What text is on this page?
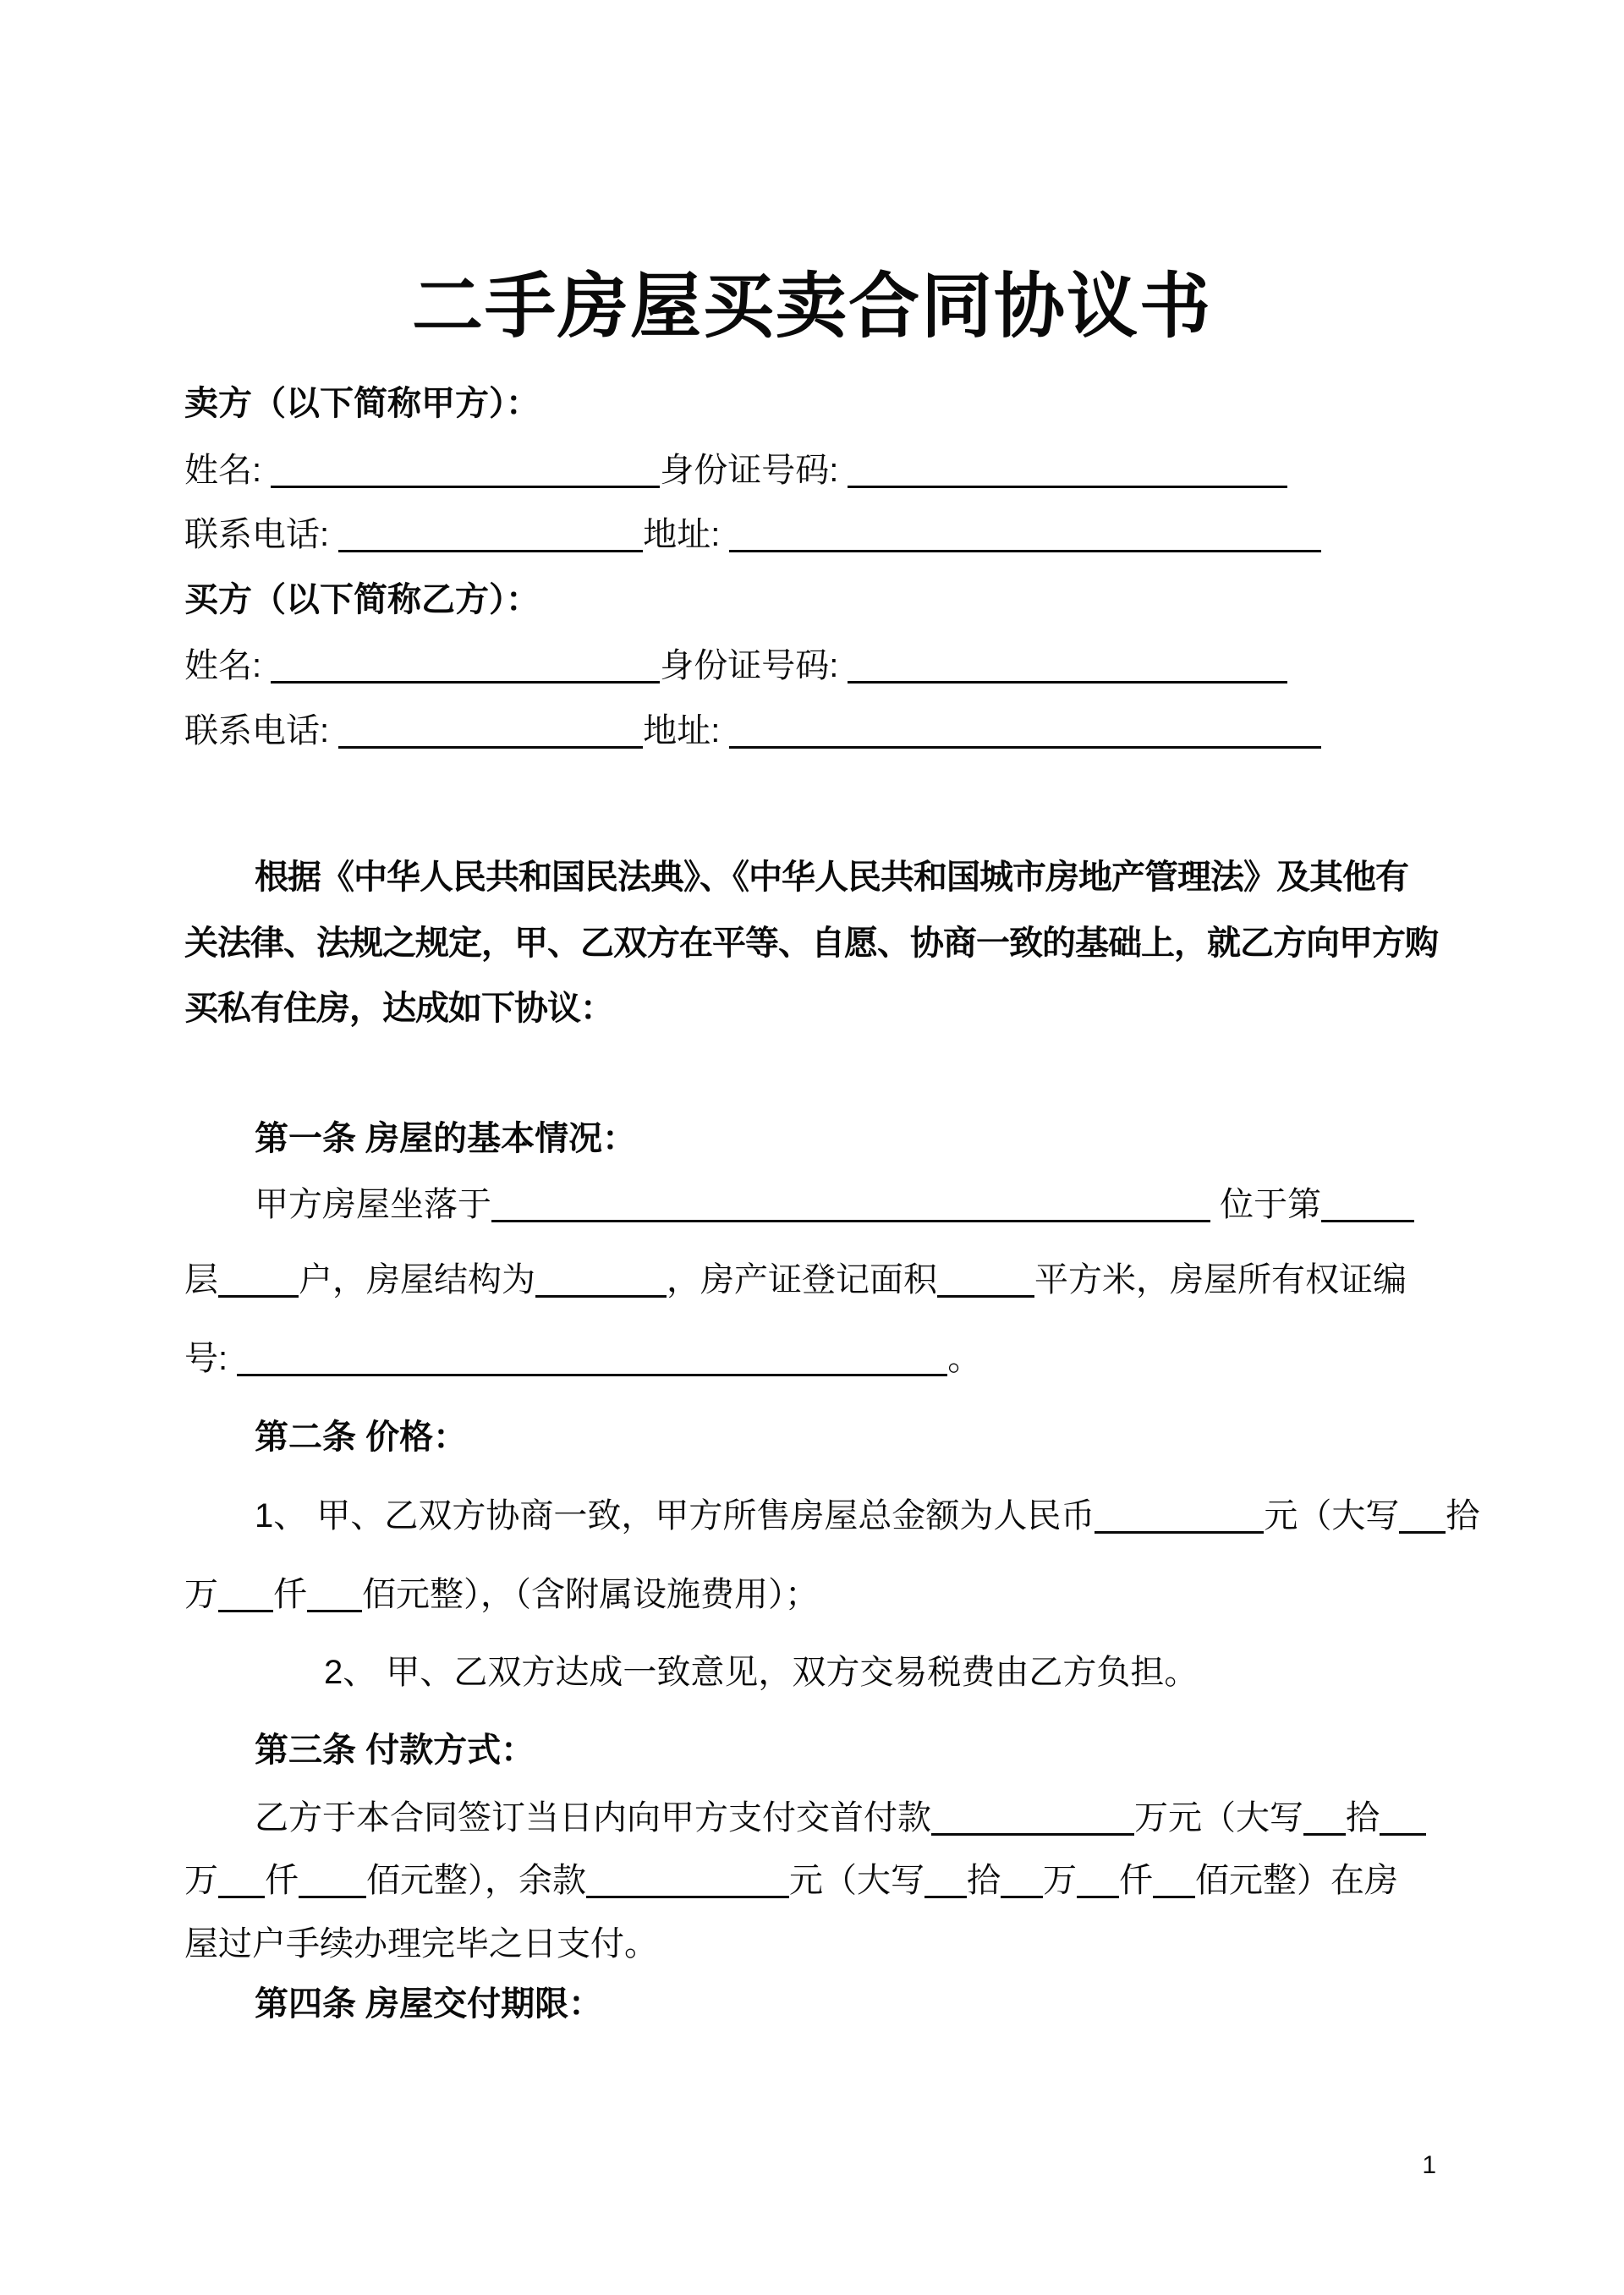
二手房屋买卖合同协议书
卖方（以下简称甲方）：
姓名:	身份证号码:
联系电话:	地址:
买方（以下简称乙方）：
姓名:	身份证号码:
联系电话:	地址:
根据《中华人民共和国民法典》、《中华人民共和国城市房地产管理法》及其他有
关法律、法规之规定，甲、乙双方在平等、自愿、协商一致的基础上，就乙方向甲方购
买私有住房，达成如下协议：
第一条 房屋的基本情况：
甲方房屋坐落于	位于第
层 户，房屋结构为	，房产证登记面积	平方米，房屋所有权证编
号:	。
第二条 价格：
1、 甲、乙双方协商一致，甲方所售房屋总金额为人民币	元（大写 拾
万 仟 佰元整），（含附属设施费用）；
2、 甲、乙双方达成一致意见，双方交易税费由乙方负担。
第三条 付款方式：
乙方于本合同签订当日内向甲方支付交首付款	万元（大写 拾
万 仟 佰元整），余款	元（大写 拾 万 仟 佰元整）在房
屋过户手续办理完毕之日支付。
第四条 房屋交付期限：
1
